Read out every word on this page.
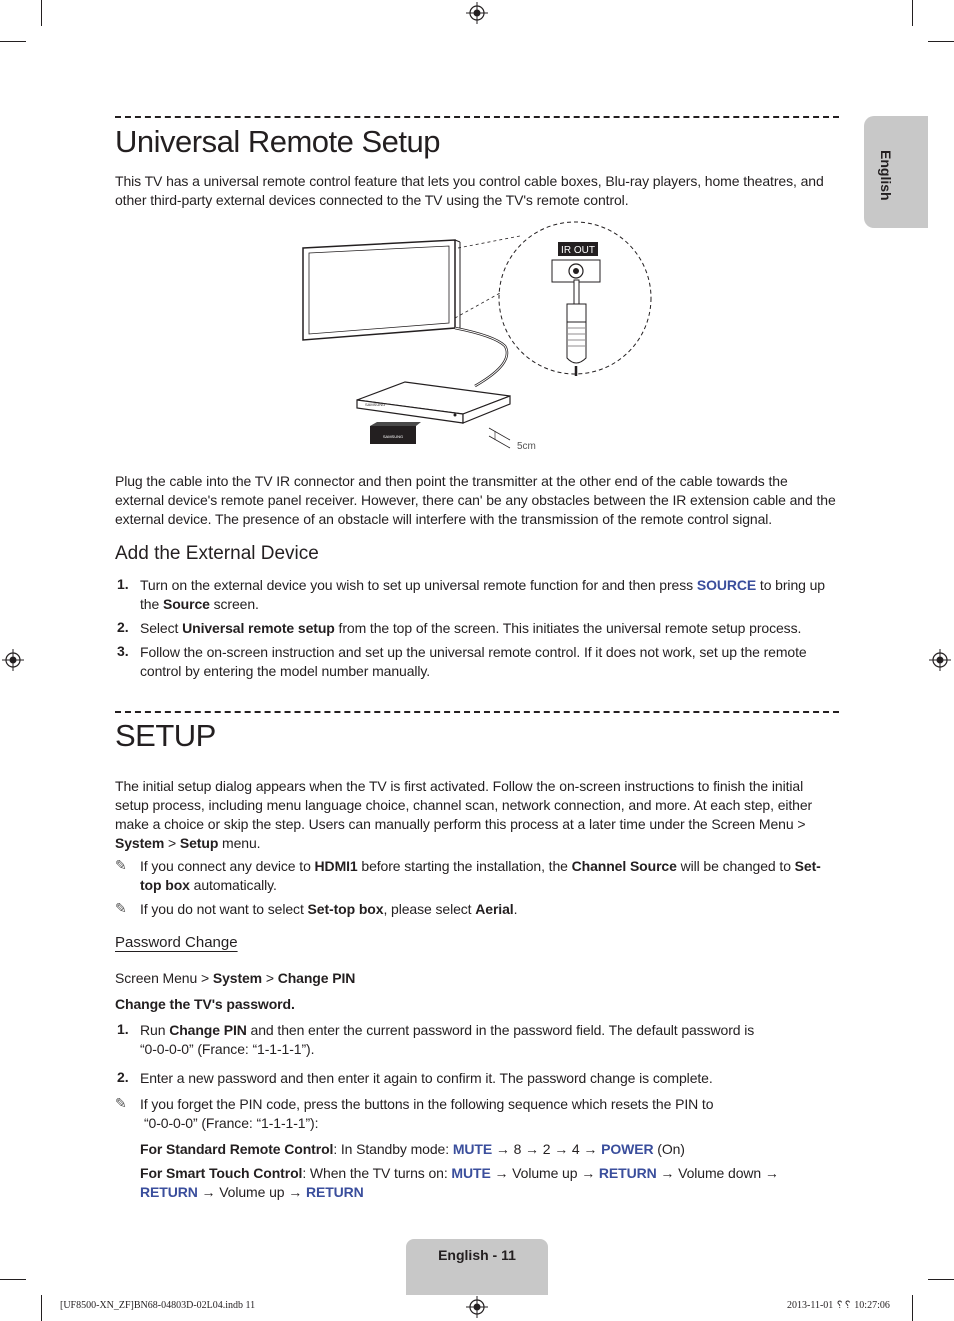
English
Universal Remote Setup

This TV has a universal remote control feature that lets you control cable boxes, Blu-ray players, home theatres, and other third-party external devices connected to the TV using the TV's remote control.

IR OUT
SAMSUNG
SAMSUNG
5cm

Plug the cable into the TV IR connector and then point the transmitter at the other end of the cable towards the external device's remote panel receiver. However, there can' be any obstacles between the IR extension cable and the external device. The presence of an obstacle will interfere with the transmission of the remote control signal.

Add the External Device
1. Turn on the external device you wish to set up universal remote function for and then press SOURCE to bring up the Source screen.

2. Select Universal remote setup from the top of the screen. This initiates the universal remote setup process.

3. Follow the on-screen instruction and set up the universal remote control. If it does not work, set up the remote control by entering the model number manually.

SETUP

The initial setup dialog appears when the TV is first activated. Follow the on-screen instructions to finish the initial setup process, including menu language choice, channel scan, network connection, and more. At each step, either make a choice or skip the step. Users can manually perform this process at a later time under the Screen Menu > System > Setup menu.

✎ If you connect any device to HDMI1 before starting the installation, the Channel Source will be changed to Set-top box automatically.

✎ If you do not want to select Set-top box, please select Aerial.

Password Change

Screen Menu > System > Change PIN

Change the TV's password.

1. Run Change PIN and then enter the current password in the password field. The default password is “0-0-0-0” (France: “1-1-1-1”).

2. Enter a new password and then enter it again to confirm it. The password change is complete.

✎ If you forget the PIN code, press the buttons in the following sequence which resets the PIN to

“0-0-0-0” (France: “1-1-1-1”):

For Standard Remote Control: In Standby mode: MUTE → 8 → 2 → 4 → POWER (On)

For Smart Touch Control: When the TV turns on: MUTE → Volume up → RETURN → Volume down →
RETURN → Volume up → RETURN

English - 11
[UF8500-XN_ZF]BN68-04803D-02L04.indb 11	2013-11-01 ␦␦ 10:27:06
